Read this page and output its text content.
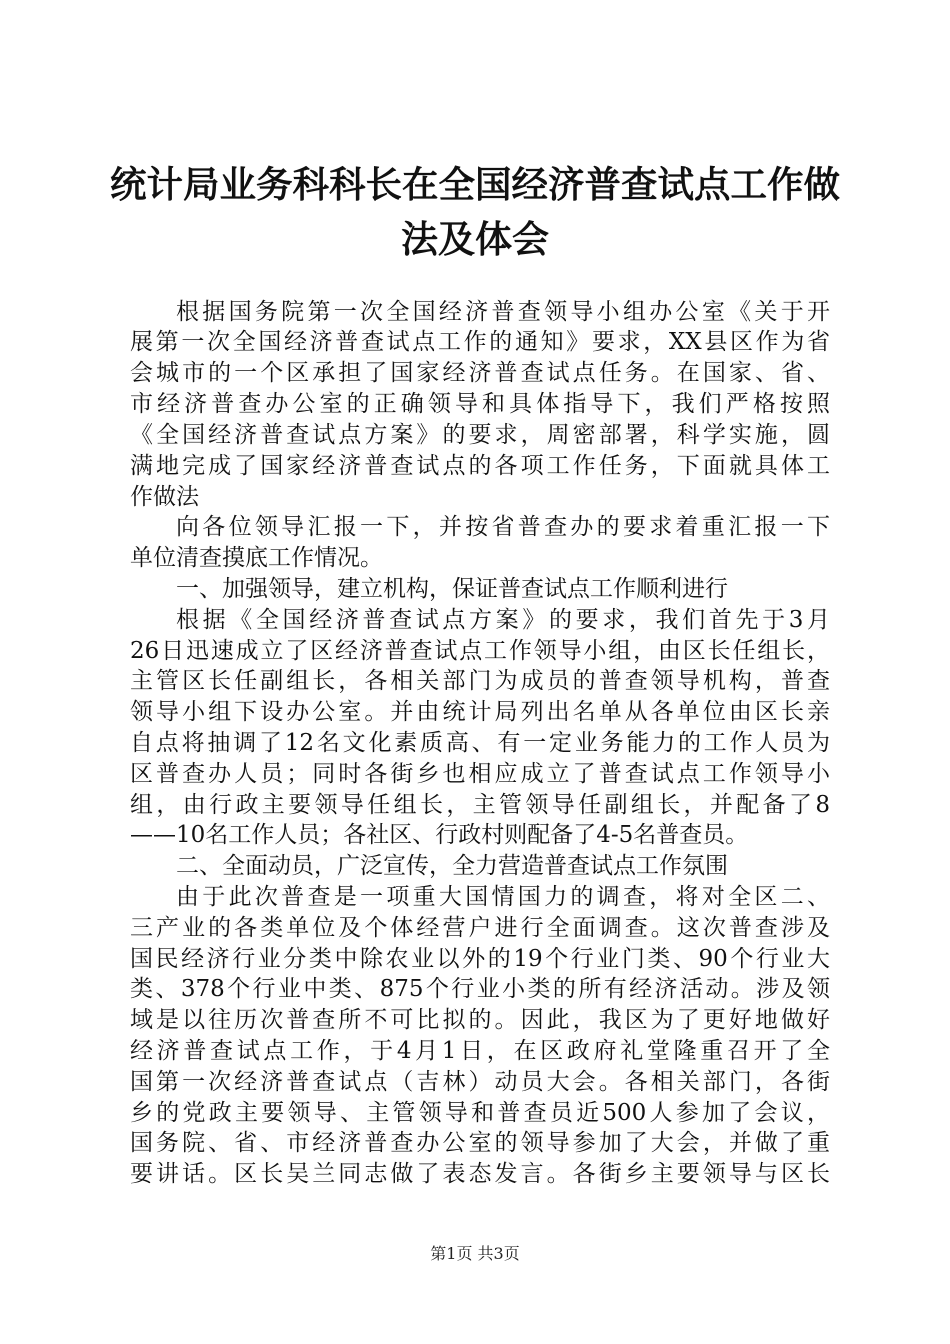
统计局业务科科长在全国经济普查试点工作做
法及体会
根据国务院第一次全国经济普查领导小组办公室《关于开
展第一次全国经济普查试点工作的通知》要求，XX县区作为省
会城市的一个区承担了国家经济普查试点任务。在国家、省、
市经济普查办公室的正确领导和具体指导下，我们严格按照
《全国经济普查试点方案》的要求，周密部署，科学实施，圆
满地完成了国家经济普查试点的各项工作任务，下面就具体工
作做法
向各位领导汇报一下，并按省普查办的要求着重汇报一下
单位清查摸底工作情况。
一、加强领导，建立机构，保证普查试点工作顺利进行
根据《全国经济普查试点方案》的要求，我们首先于3月
26日迅速成立了区经济普查试点工作领导小组，由区长任组长，
主管区长任副组长，各相关部门为成员的普查领导机构，普查
领导小组下设办公室。并由统计局列出名单从各单位由区长亲
自点将抽调了12名文化素质高、有一定业务能力的工作人员为
区普查办人员；同时各街乡也相应成立了普查试点工作领导小
组，由行政主要领导任组长，主管领导任副组长，并配备了8
——10名工作人员；各社区、行政村则配备了4-5名普查员。
二、全面动员，广泛宣传，全力营造普查试点工作氛围
由于此次普查是一项重大国情国力的调查，将对全区二、
三产业的各类单位及个体经营户进行全面调查。这次普查涉及
国民经济行业分类中除农业以外的19个行业门类、90个行业大
类、378个行业中类、875个行业小类的所有经济活动。涉及领
域是以往历次普查所不可比拟的。因此，我区为了更好地做好
经济普查试点工作，于4月1日，在区政府礼堂隆重召开了全
国第一次经济普查试点（吉林）动员大会。各相关部门，各街
乡的党政主要领导、主管领导和普查员近500人参加了会议，
国务院、省、市经济普查办公室的领导参加了大会，并做了重
要讲话。区长吴兰同志做了表态发言。各街乡主要领导与区长
第1页 共3页
